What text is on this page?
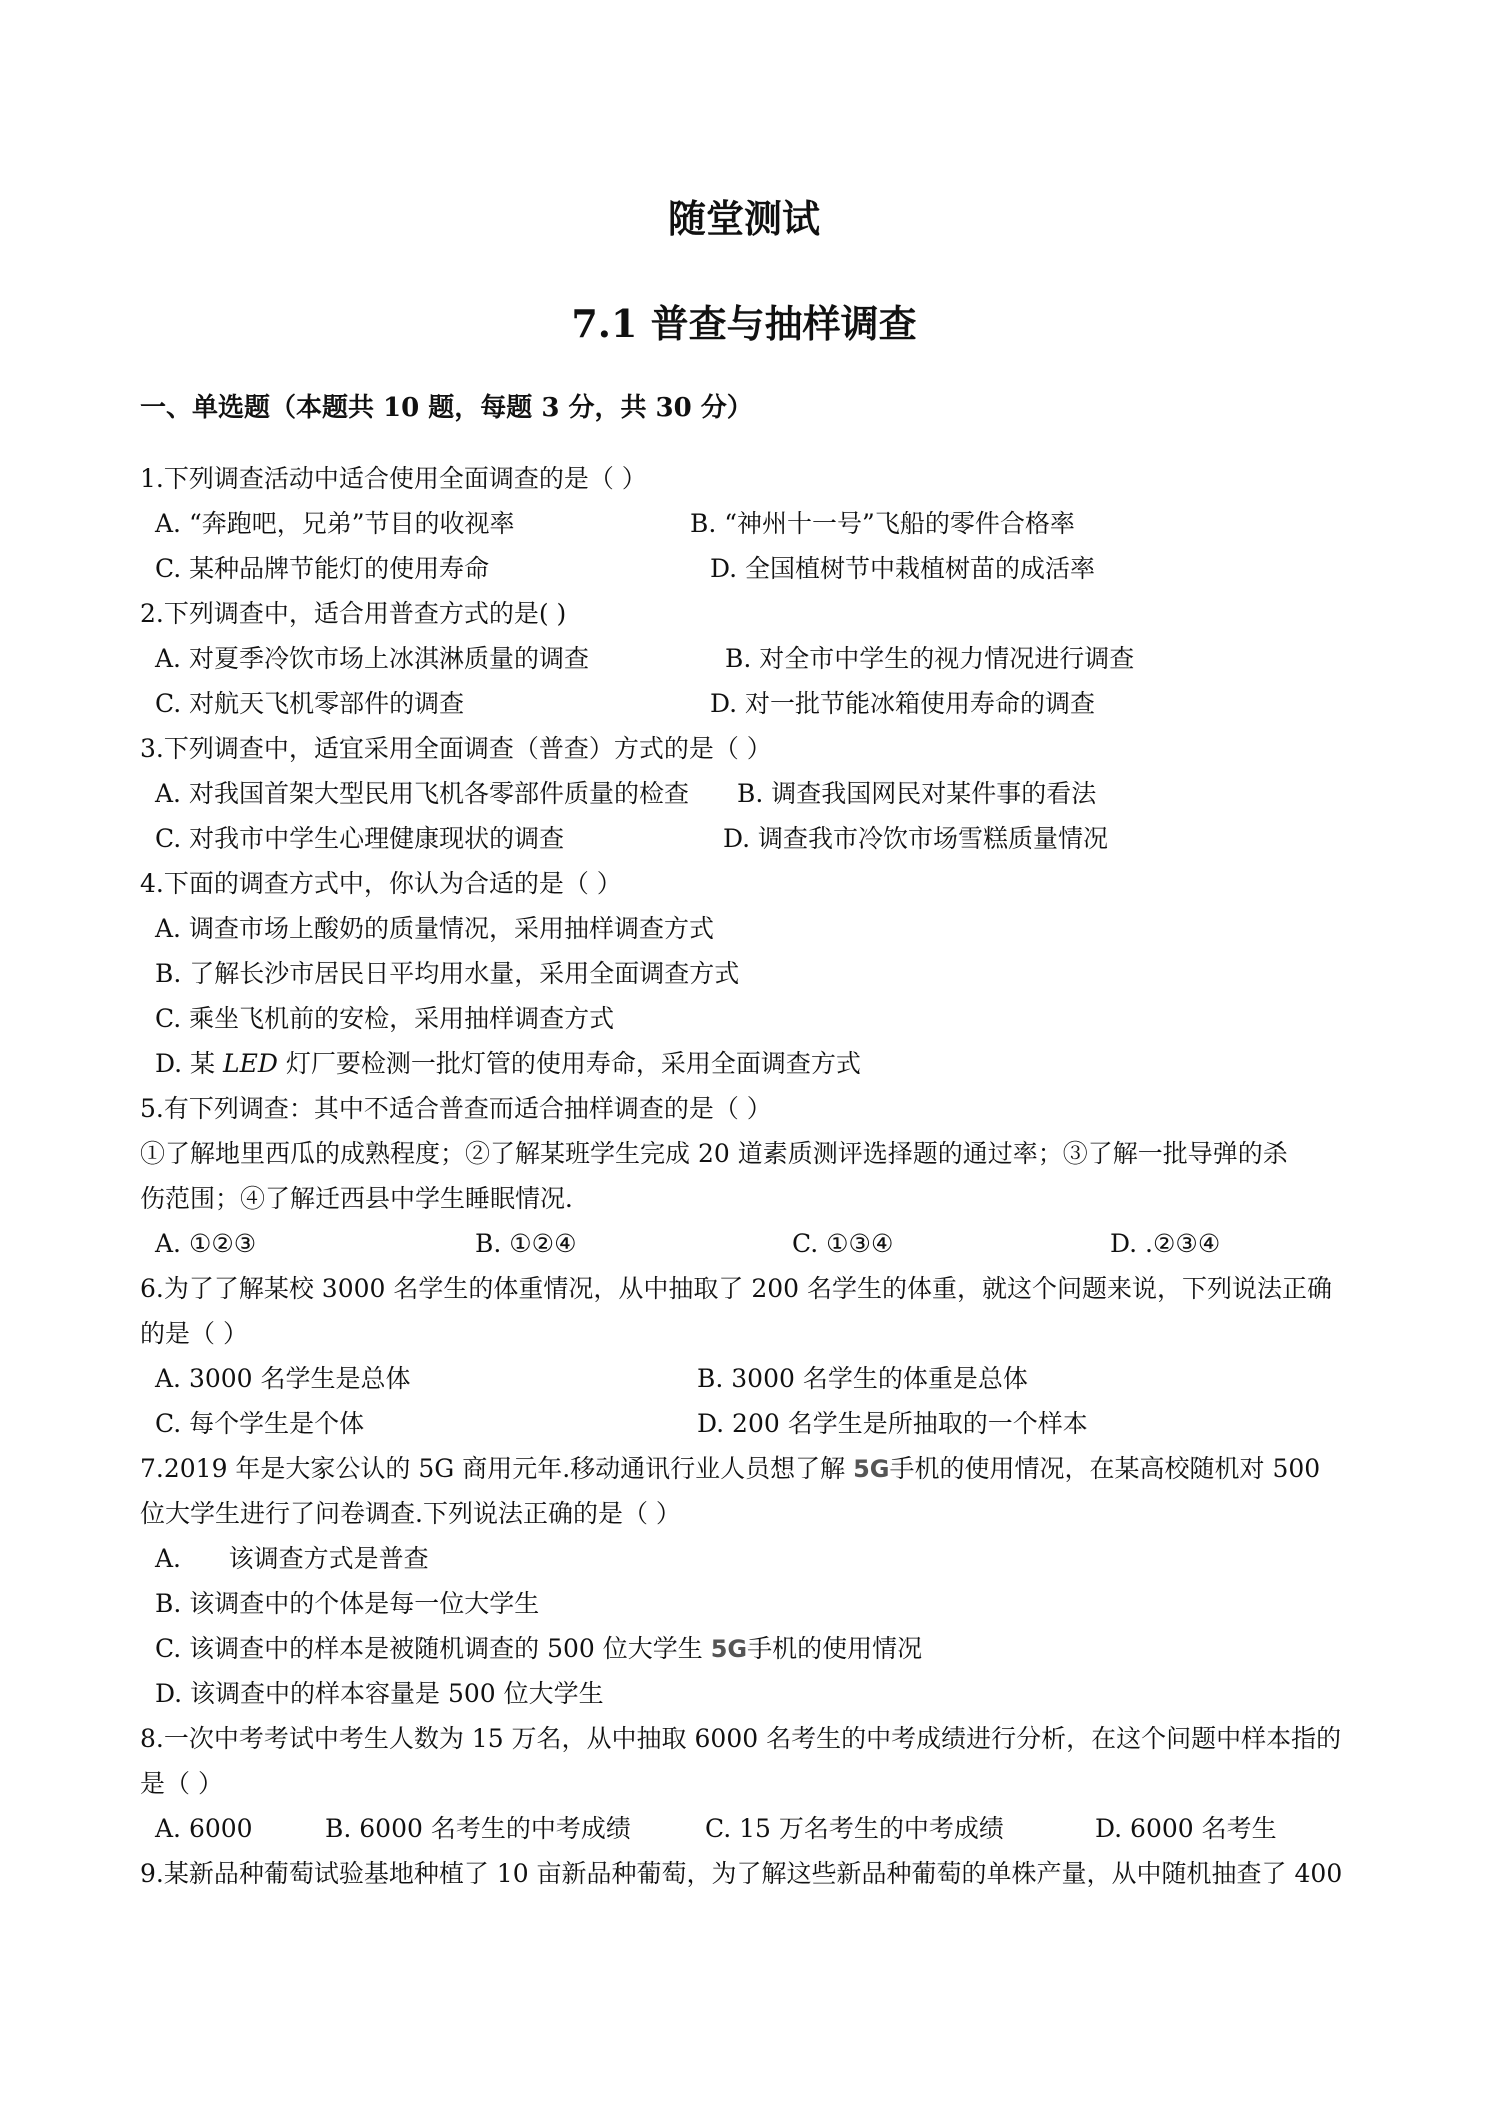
随堂测试
7.1 普查与抽样调查
一、单选题（本题共 10 题，每题 3 分，共 30 分）
1.下列调查活动中适合使用全面调查的是（ ）
A. “奔跑吧，兄弟”节目的收视率	B. “神州十一号”飞船的零件合格率
C. 某种品牌节能灯的使用寿命	D. 全国植树节中栽植树苗的成活率
2.下列调查中，适合用普查方式的是( )
A. 对夏季冷饮市场上冰淇淋质量的调查	B. 对全市中学生的视力情况进行调查
C. 对航天飞机零部件的调查	D. 对一批节能冰箱使用寿命的调查
3.下列调查中，适宜采用全面调查（普查）方式的是（ ）
A. 对我国首架大型民用飞机各零部件质量的检查 B. 调查我国网民对某件事的看法
C. 对我市中学生心理健康现状的调查	D. 调查我市冷饮市场雪糕质量情况
4.下面的调查方式中，你认为合适的是（ ）
A. 调查市场上酸奶的质量情况，采用抽样调查方式
B. 了解长沙市居民日平均用水量，采用全面调查方式
C. 乘坐飞机前的安检，采用抽样调查方式
D. 某 LED 灯厂要检测一批灯管的使用寿命，采用全面调查方式
5.有下列调查：其中不适合普查而适合抽样调查的是（ ）
①了解地里西瓜的成熟程度；②了解某班学生完成 20 道素质测评选择题的通过率；③了解一批导弹的杀
伤范围；④了解迁西县中学生睡眠情况．
A. ①②③	B. ①②④	C. ①③④	D. .②③④
6.为了了解某校 3000 名学生的体重情况，从中抽取了 200 名学生的体重，就这个问题来说，下列说法正确
的是（ ）
A. 3000 名学生是总体	B. 3000 名学生的体重是总体
C. 每个学生是个体	D. 200 名学生是所抽取的一个样本
7.2019 年是大家公认的 5G 商用元年.移动通讯行业人员想了解 5G手机的使用情况，在某高校随机对 500
位大学生进行了问卷调查.下列说法正确的是（ ）
A.      该调查方式是普查
B. 该调查中的个体是每一位大学生
C. 该调查中的样本是被随机调查的 500 位大学生 5G手机的使用情况
D. 该调查中的样本容量是 500 位大学生
8.一次中考考试中考生人数为 15 万名，从中抽取 6000 名考生的中考成绩进行分析，在这个问题中样本指的
是（ ）
A. 6000	B. 6000 名考生的中考成绩	C. 15 万名考生的中考成绩	D. 6000 名考生
9.某新品种葡萄试验基地种植了 10 亩新品种葡萄，为了解这些新品种葡萄的单株产量，从中随机抽查了 400
